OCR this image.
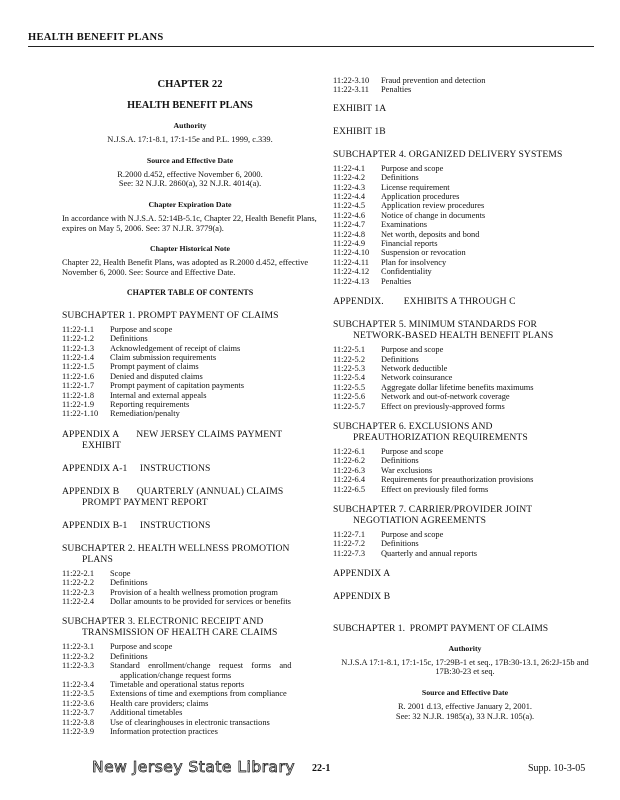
HEALTH BENEFIT PLANS
CHAPTER 22
HEALTH BENEFIT PLANS
Authority
N.J.S.A. 17:1-8.1, 17:1-15e and P.L. 1999, c.339.
Source and Effective Date
R.2000 d.452, effective November 6, 2000.
See: 32 N.J.R. 2860(a), 32 N.J.R. 4014(a).
Chapter Expiration Date
In accordance with N.J.S.A. 52:14B-5.1c, Chapter 22, Health Benefit Plans, expires on May 5, 2006. See: 37 N.J.R. 3779(a).
Chapter Historical Note
Chapter 22, Health Benefit Plans, was adopted as R.2000 d.452, effective November 6, 2000. See: Source and Effective Date.
CHAPTER TABLE OF CONTENTS
SUBCHAPTER 1. PROMPT PAYMENT OF CLAIMS
11:22-1.1	Purpose and scope
11:22-1.2	Definitions
11:22-1.3	Acknowledgement of receipt of claims
11:22-1.4	Claim submission requirements
11:22-1.5	Prompt payment of claims
11:22-1.6	Denied and disputed claims
11:22-1.7	Prompt payment of capitation payments
11:22-1.8	Internal and external appeals
11:22-1.9	Reporting requirements
11:22-1.10	Remediation/penalty
APPENDIX A       NEW JERSEY CLAIMS PAYMENT
EXHIBIT
APPENDIX A-1     INSTRUCTIONS
APPENDIX B       QUARTERLY (ANNUAL) CLAIMS
PROMPT PAYMENT REPORT
APPENDIX B-1     INSTRUCTIONS
SUBCHAPTER 2. HEALTH WELLNESS PROMOTION
PLANS
11:22-2.1	Scope
11:22-2.2	Definitions
11:22-2.3	Provision of a health wellness promotion program
11:22-2.4	Dollar amounts to be provided for services or benefits
SUBCHAPTER 3. ELECTRONIC RECEIPT AND
TRANSMISSION OF HEALTH CARE CLAIMS
11:22-3.1	Purpose and scope
11:22-3.2	Definitions
11:22-3.3	Standard    enrollment/change    request    forms    and
application/change request forms
11:22-3.4	Timetable and operational status reports
11:22-3.5	Extensions of time and exemptions from compliance
11:22-3.6	Health care providers; claims
11:22-3.7	Additional timetables
11:22-3.8	Use of clearinghouses in electronic transactions
11:22-3.9	Information protection practices
11:22-3.10	Fraud prevention and detection
11:22-3.11	Penalties
EXHIBIT 1A
EXHIBIT 1B
SUBCHAPTER 4. ORGANIZED DELIVERY SYSTEMS
11:22-4.1	Purpose and scope
11:22-4.2	Definitions
11:22-4.3	License requirement
11:22-4.4	Application procedures
11:22-4.5	Application review procedures
11:22-4.6	Notice of change in documents
11:22-4.7	Examinations
11:22-4.8	Net worth, deposits and bond
11:22-4.9	Financial reports
11:22-4.10	Suspension or revocation
11:22-4.11	Plan for insolvency
11:22-4.12	Confidentiality
11:22-4.13	Penalties
APPENDIX.        EXHIBITS A THROUGH C
SUBCHAPTER 5. MINIMUM STANDARDS FOR
NETWORK-BASED HEALTH BENEFIT PLANS
11:22-5.1	Purpose and scope
11:22-5.2	Definitions
11:22-5.3	Network deductible
11:22-5.4	Network coinsurance
11:22-5.5	Aggregate dollar lifetime benefits maximums
11:22-5.6	Network and out-of-network coverage
11:22-5.7	Effect on previously-approved forms
SUBCHAPTER 6. EXCLUSIONS AND
PREAUTHORIZATION REQUIREMENTS
11:22-6.1	Purpose and scope
11:22-6.2	Definitions
11:22-6.3	War exclusions
11:22-6.4	Requirements for preauthorization provisions
11:22-6.5	Effect on previously filed forms
SUBCHAPTER 7. CARRIER/PROVIDER JOINT
NEGOTIATION AGREEMENTS
11:22-7.1	Purpose and scope
11:22-7.2	Definitions
11:22-7.3	Quarterly and annual reports
APPENDIX A
APPENDIX B
SUBCHAPTER 1.  PROMPT PAYMENT OF CLAIMS
Authority
N.J.S.A 17:1-8.1, 17:1-15c, 17:29B-1 et seq., 17B:30-13.1, 26:2J-15b and 17B:30-23 et seq.
Source and Effective Date
R. 2001 d.13, effective January 2, 2001.
See: 32 N.J.R. 1985(a), 33 N.J.R. 105(a).
New Jersey State Library 22-1	Supp. 10-3-05
